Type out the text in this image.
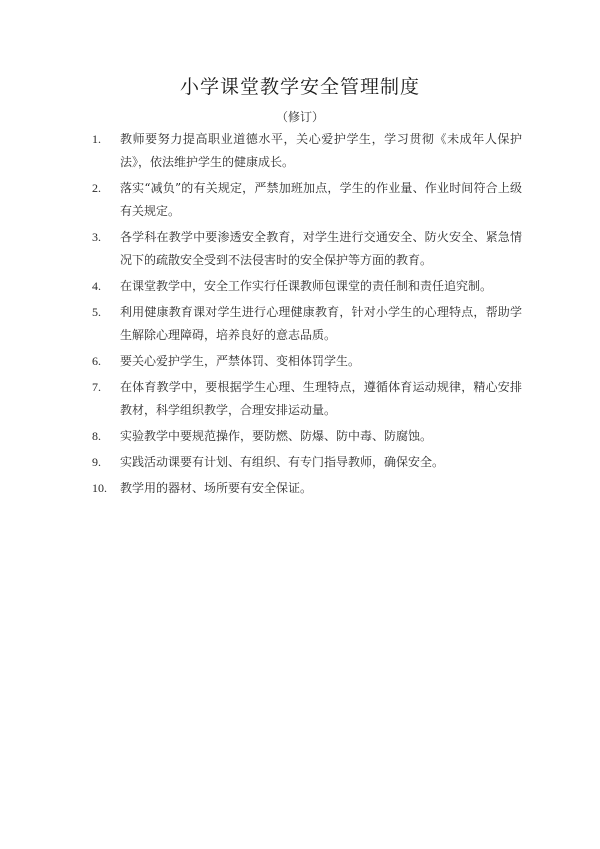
小学课堂教学安全管理制度
（修订）
1. 教师要努力提高职业道德水平，关心爱护学生，学习贯彻《未成年人保护法》，依法维护学生的健康成长。
2. 落实“减负”的有关规定，严禁加班加点，学生的作业量、作业时间符合上级有关规定。
3. 各学科在教学中要渗透安全教育，对学生进行交通安全、防火安全、紧急情况下的疏散安全受到不法侵害时的安全保护等方面的教育。
4. 在课堂教学中，安全工作实行任课教师包课堂的责任制和责任追究制。
5. 利用健康教育课对学生进行心理健康教育，针对小学生的心理特点，帮助学生解除心理障碍，培养良好的意志品质。
6. 要关心爱护学生，严禁体罚、变相体罚学生。
7. 在体育教学中，要根据学生心理、生理特点，遵循体育运动规律，精心安排教材，科学组织教学，合理安排运动量。
8. 实验教学中要规范操作，要防燃、防爆、防中毒、防腐蚀。
9. 实践活动课要有计划、有组织、有专门指导教师，确保安全。
10. 教学用的器材、场所要有安全保证。
